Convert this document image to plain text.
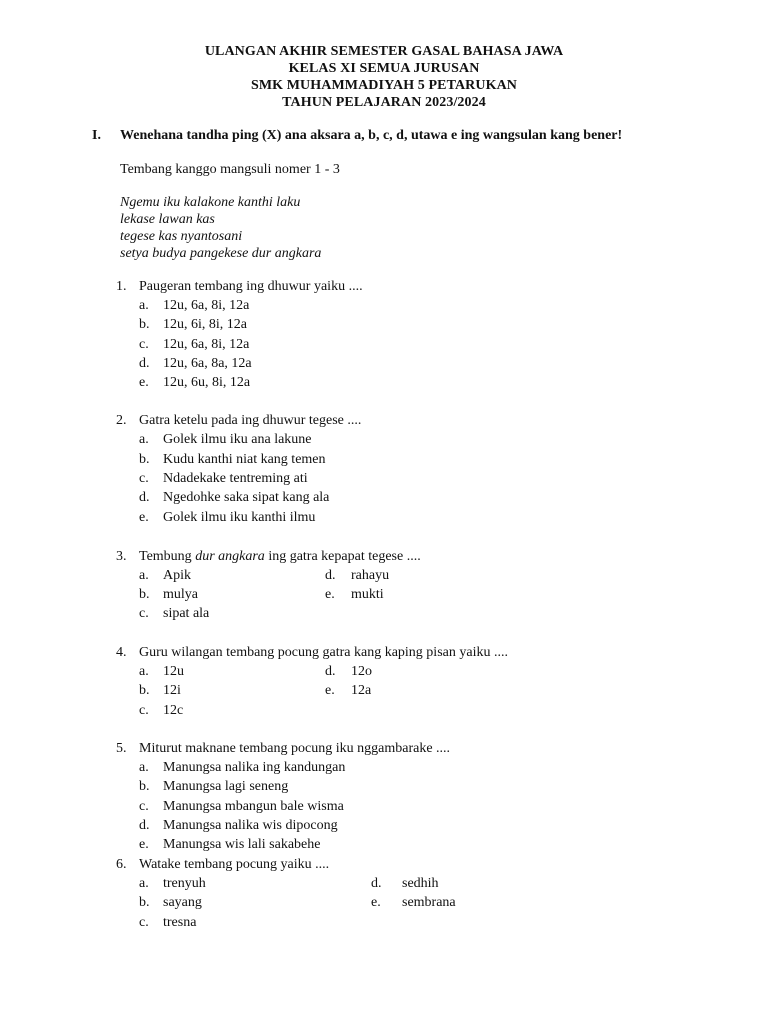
ULANGAN AKHIR SEMESTER GASAL BAHASA JAWA
KELAS XI SEMUA JURUSAN
SMK MUHAMMADIYAH 5 PETARUKAN
TAHUN PELAJARAN 2023/2024
I. Wenehana tandha ping (X) ana aksara a, b, c, d, utawa e ing wangsulan kang bener!
Tembang kanggo mangsuli nomer 1 - 3
Ngemu iku kalakone kanthi laku
lekase lawan kas
tegese kas nyantosani
setya budya pangekese dur angkara
1. Paugeran tembang ing dhuwur yaiku ....
a. 12u, 6a, 8i, 12a
b. 12u, 6i, 8i, 12a
c. 12u, 6a, 8i, 12a
d. 12u, 6a, 8a, 12a
e. 12u, 6u, 8i, 12a
2. Gatra ketelu pada ing dhuwur tegese ....
a. Golek ilmu iku ana lakune
b. Kudu kanthi niat kang temen
c. Ndadekake tentreming ati
d. Ngedohke saka sipat kang ala
e. Golek ilmu iku kanthi ilmu
3. Tembung dur angkara ing gatra kepapat tegese ....
a. Apik
b. mulya
c. sipat ala
d. rahayu
e. mukti
4. Guru wilangan tembang pocung gatra kang kaping pisan yaiku ....
a. 12u
b. 12i
c. 12c
d. 12o
e. 12a
5. Miturut maknane tembang pocung iku nggambarake ....
a. Manungsa nalika ing kandungan
b. Manungsa lagi seneng
c. Manungsa mbangun bale wisma
d. Manungsa nalika wis dipocong
e. Manungsa wis lali sakabehe
6. Watake tembang pocung yaiku ....
a. trenyuh
b. sayang
c. tresna
d. sedhih
e. sembrana
